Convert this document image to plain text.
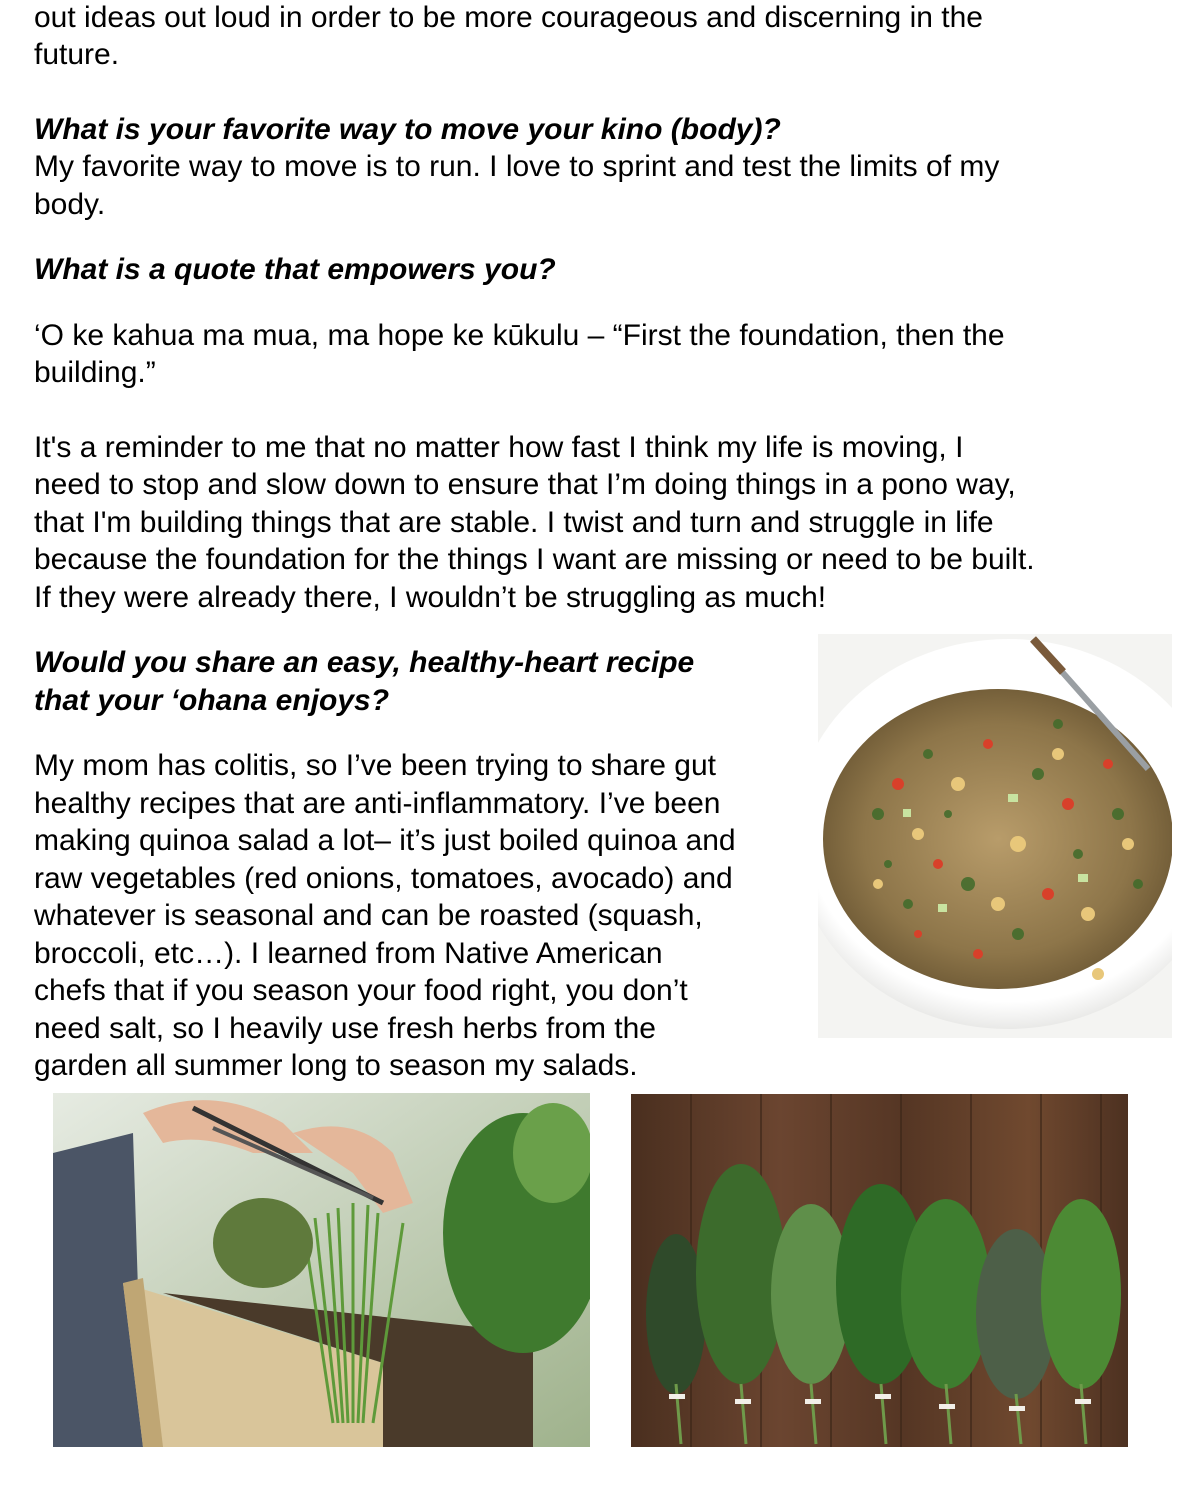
out ideas out loud in order to be more courageous and discerning in the

future.

What is your favorite way to move your kino (body)?

My favorite way to move is to run. I love to sprint and test the limits of my

body.

What is a quote that empowers you?

‘O ke kahua ma mua, ma hope ke kūkulu – “First the foundation, then the

building.”

It's a reminder to me that no matter how fast I think my life is moving, I

need to stop and slow down to ensure that I’m doing things in a pono way,

that I'm building things that are stable. I twist and turn and struggle in life

because the foundation for the things I want are missing or need to be built.

If they were already there, I wouldn’t be struggling as much!

Would you share an easy, healthy-heart recipe

that your ‘ohana enjoys?

My mom has colitis, so I’ve been trying to share gut

healthy recipes that are anti-inflammatory. I’ve been

making quinoa salad a lot– it’s just boiled quinoa and

raw vegetables (red onions, tomatoes, avocado) and

whatever is seasonal and can be roasted (squash,

broccoli, etc…). I learned from Native American

chefs that if you season your food right, you don’t

need salt, so I heavily use fresh herbs from the

garden all summer long to season my salads.
